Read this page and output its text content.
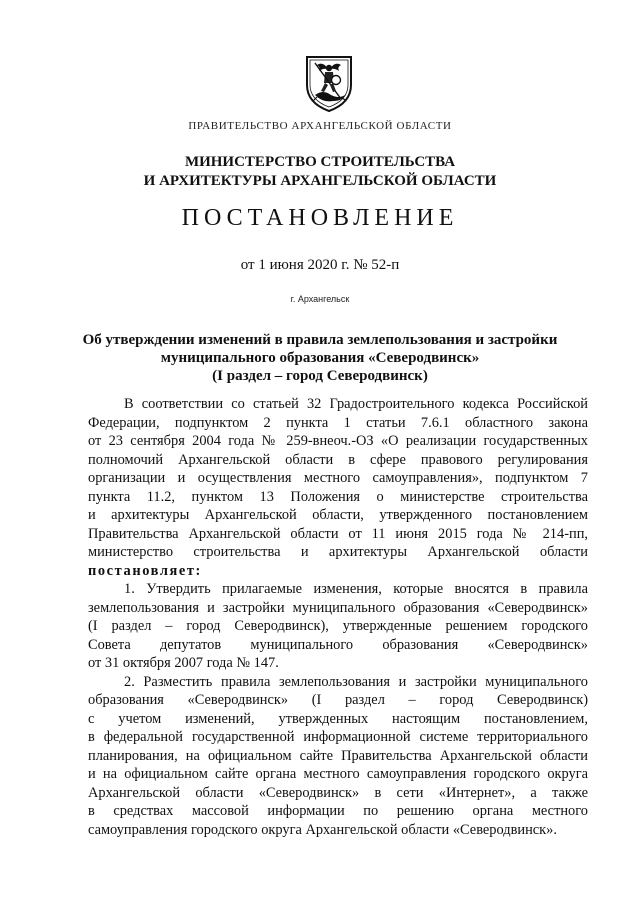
ПРАВИТЕЛЬСТВО АРХАНГЕЛЬСКОЙ ОБЛАСТИ
МИНИСТЕРСТВО СТРОИТЕЛЬСТВА
И АРХИТЕКТУРЫ АРХАНГЕЛЬСКОЙ ОБЛАСТИ
ПОСТАНОВЛЕНИЕ
от 1 июня 2020 г. № 52-п
г. Архангельск
Об утверждении изменений в правила землепользования и застройки
муниципального образования «Северодвинск»
(I раздел – город Северодвинск)
В соответствии со статьей 32 Градостроительного кодекса Российской
Федерации, подпунктом 2 пункта 1 статьи 7.6.1 областного закона
от 23 сентября 2004 года № 259-внеоч.-ОЗ «О реализации государственных
полномочий Архангельской области в сфере правового регулирования
организации и осуществления местного самоуправления», подпунктом 7
пункта 11.2, пунктом 13 Положения о министерстве строительства
и архитектуры Архангельской области, утвержденного постановлением
Правительства Архангельской области от 11 июня 2015 года № 214-пп,
министерство строительства и архитектуры Архангельской области
постановляет:
1. Утвердить прилагаемые изменения, которые вносятся в правила
землепользования и застройки муниципального образования «Северодвинск»
(I раздел – город Северодвинск), утвержденные решением городского
Совета депутатов муниципального образования «Северодвинск»
от 31 октября 2007 года № 147.
2. Разместить правила землепользования и застройки муниципального
образования «Северодвинск» (I раздел – город Северодвинск)
с учетом изменений, утвержденных настоящим постановлением,
в федеральной государственной информационной системе территориального
планирования, на официальном сайте Правительства Архангельской области
и на официальном сайте органа местного самоуправления городского округа
Архангельской области «Северодвинск» в сети «Интернет», а также
в средствах массовой информации по решению органа местного
самоуправления городского округа Архангельской области «Северодвинск».
